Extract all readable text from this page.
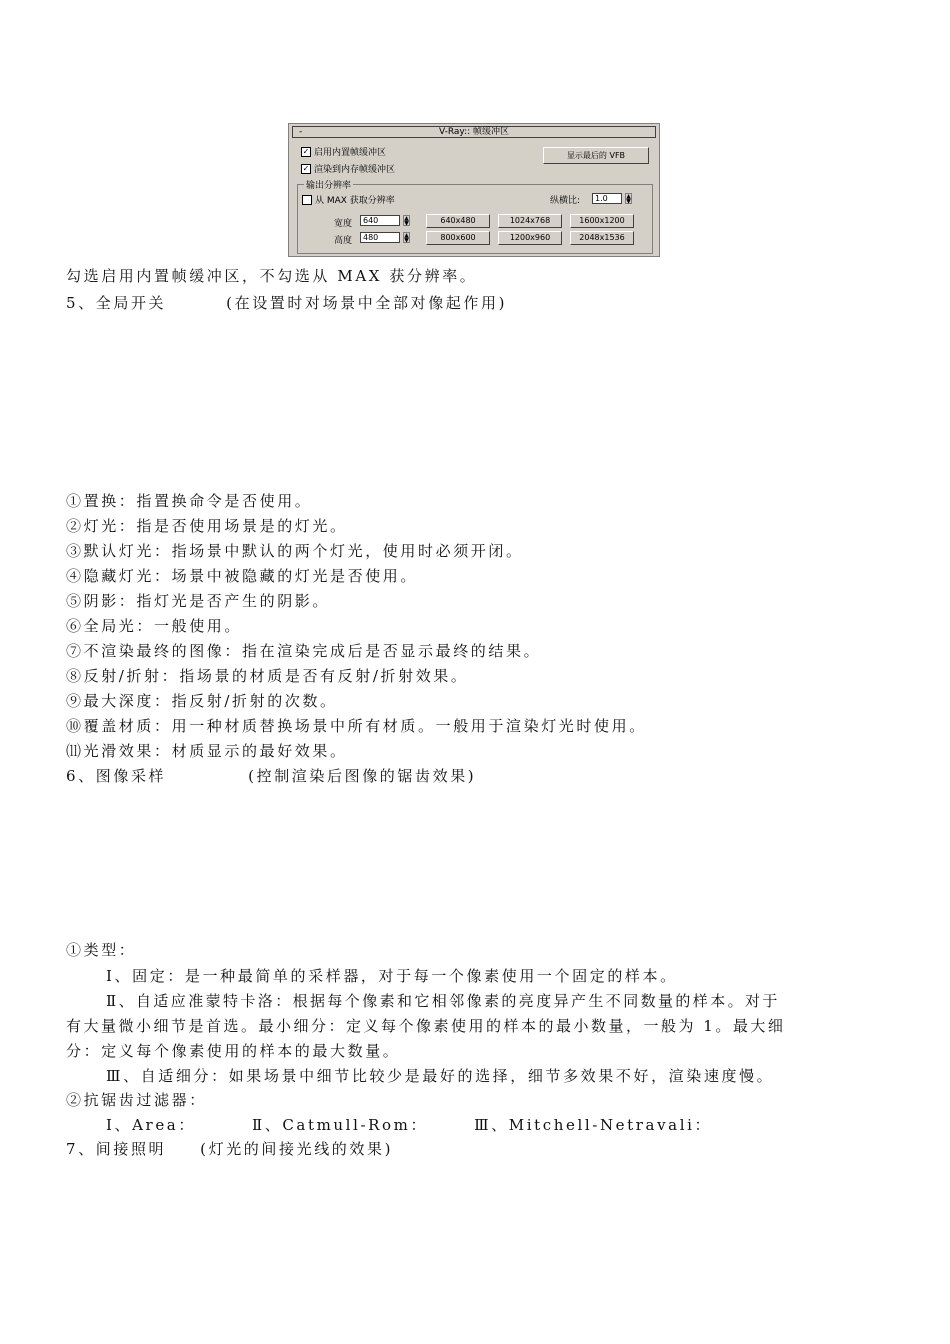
-	V-Ray:: 帧缓冲区
✓ 启用内置帧缓冲区
✓ 渲染到内存帧缓冲区
显示最后的 VFB
输出分辨率
从 MAX 获取分辨率	纵横比:	1.0	▲
▼
宽度	640	▲
▼
高度	480	▲
▼
640x480	1024x768	1600x1200
800x600	1200x960	2048x1536
勾选启用内置帧缓冲区，不勾选从 MAX 获分辨率。
5、全局开关	(在设置时对场景中全部对像起作用)
①置换：指置换命令是否使用。
②灯光：指是否使用场景是的灯光。
③默认灯光：指场景中默认的两个灯光，使用时必须开闭。
④隐藏灯光：场景中被隐藏的灯光是否使用。
⑤阴影：指灯光是否产生的阴影。
⑥全局光：一般使用。
⑦不渲染最终的图像：指在渲染完成后是否显示最终的结果。
⑧反射/折射：指场景的材质是否有反射/折射效果。
⑨最大深度：指反射/折射的次数。
⑩覆盖材质：用一种材质替换场景中所有材质。一般用于渲染灯光时使用。
⑾光滑效果：材质显示的最好效果。
6、图像采样	(控制渲染后图像的锯齿效果)
①类型：
Ⅰ、固定：是一种最简单的采样器，对于每一个像素使用一个固定的样本。
Ⅱ、自适应准蒙特卡洛：根据每个像素和它相邻像素的亮度异产生不同数量的样本。对于
有大量微小细节是首选。最小细分：定义每个像素使用的样本的最小数量，一般为 1。最大细
分：定义每个像素使用的样本的最大数量。
Ⅲ、自适细分：如果场景中细节比较少是最好的选择，细节多效果不好，渲染速度慢。
②抗锯齿过滤器：
Ⅰ、Area：	Ⅱ、Catmull-Rom：	Ⅲ、Mitchell-Netravali：
7、间接照明 (灯光的间接光线的效果)
